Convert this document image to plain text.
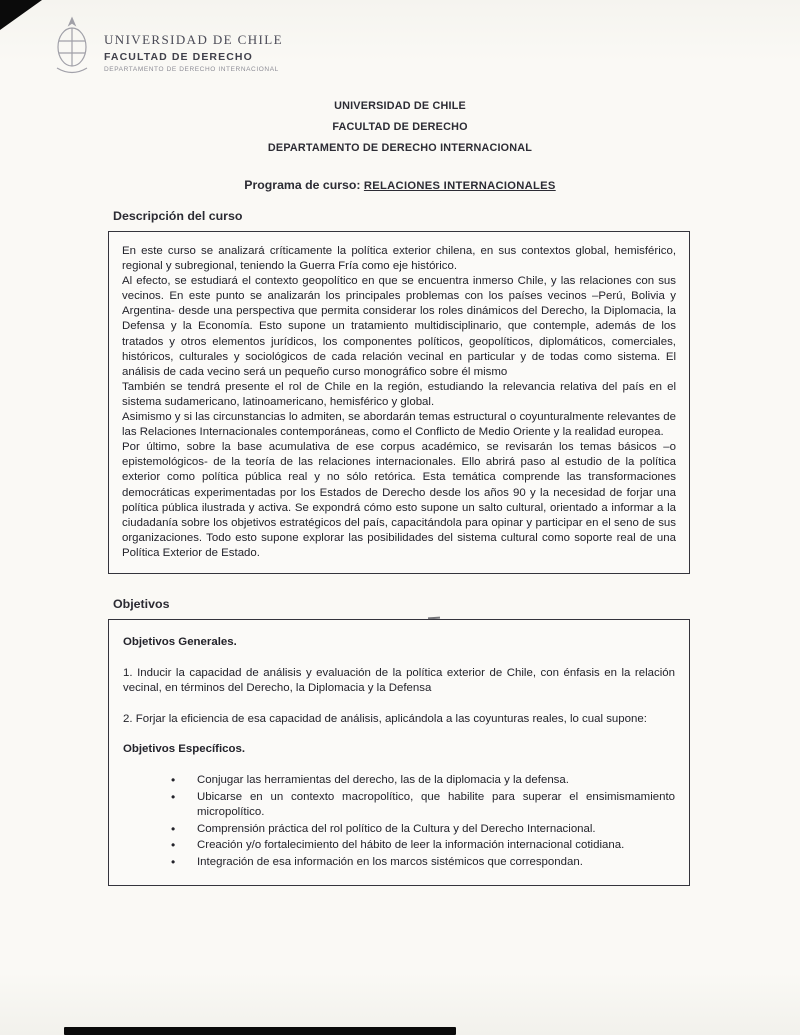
UNIVERSIDAD DE CHILE
FACULTAD DE DERECHO
DEPARTAMENTO DE DERECHO INTERNACIONAL
UNIVERSIDAD DE CHILE
FACULTAD DE DERECHO
DEPARTAMENTO DE DERECHO INTERNACIONAL
Programa de curso: RELACIONES INTERNACIONALES
Descripción del curso

En este curso se analizará críticamente la política exterior chilena, en sus contextos global, hemisférico, regional y subregional, teniendo la Guerra Fría como eje histórico.

Al efecto, se estudiará el contexto geopolítico en que se encuentra inmerso Chile, y las relaciones con sus vecinos. En este punto se analizarán los principales problemas con los países vecinos –Perú, Bolivia y Argentina- desde una perspectiva que permita considerar los roles dinámicos del Derecho, la Diplomacia, la Defensa y la Economía. Esto supone un tratamiento multidisciplinario, que contemple, además de los tratados y otros elementos jurídicos, los componentes políticos, geopolíticos, diplomáticos, comerciales, históricos, culturales y sociológicos de cada relación vecinal en particular y de todas como sistema. El análisis de cada vecino será un pequeño curso monográfico sobre él mismo

También se tendrá presente el rol de Chile en la región, estudiando la relevancia relativa del país en el sistema sudamericano, latinoamericano, hemisférico y global.

Asimismo y si las circunstancias lo admiten, se abordarán temas estructural o coyunturalmente relevantes de las Relaciones Internacionales contemporáneas, como el Conflicto de Medio Oriente y la realidad europea.

Por último, sobre la base acumulativa de ese corpus académico, se revisarán los temas básicos –o epistemológicos- de la teoría de las relaciones internacionales. Ello abrirá paso al estudio de la política exterior como política pública real y no sólo retórica. Esta temática comprende las transformaciones democráticas experimentadas por los Estados de Derecho desde los años 90 y la necesidad de forjar una política pública ilustrada y activa. Se expondrá cómo esto supone un salto cultural, orientado a informar a la ciudadanía sobre los objetivos estratégicos del país, capacitándola para opinar y participar en el seno de sus organizaciones. Todo esto supone explorar las posibilidades del sistema cultural como soporte real de una Política Exterior de Estado.

Objetivos

Objetivos Generales.

1. Inducir la capacidad de análisis y evaluación de la política exterior de Chile, con énfasis en la relación vecinal, en términos del Derecho, la Diplomacia y la Defensa

2. Forjar la eficiencia de esa capacidad de análisis, aplicándola a las coyunturas reales, lo cual supone:

Objetivos Específicos.

• Conjugar las herramientas del derecho, las de la diplomacia y la defensa.
• Ubicarse en un contexto macropolítico, que habilite para superar el ensimismamiento micropolítico.
• Comprensión práctica del rol político de la Cultura y del Derecho Internacional.
• Creación y/o fortalecimiento del hábito de leer la información internacional cotidiana.
• Integración de esa información en los marcos sistémicos que correspondan.
